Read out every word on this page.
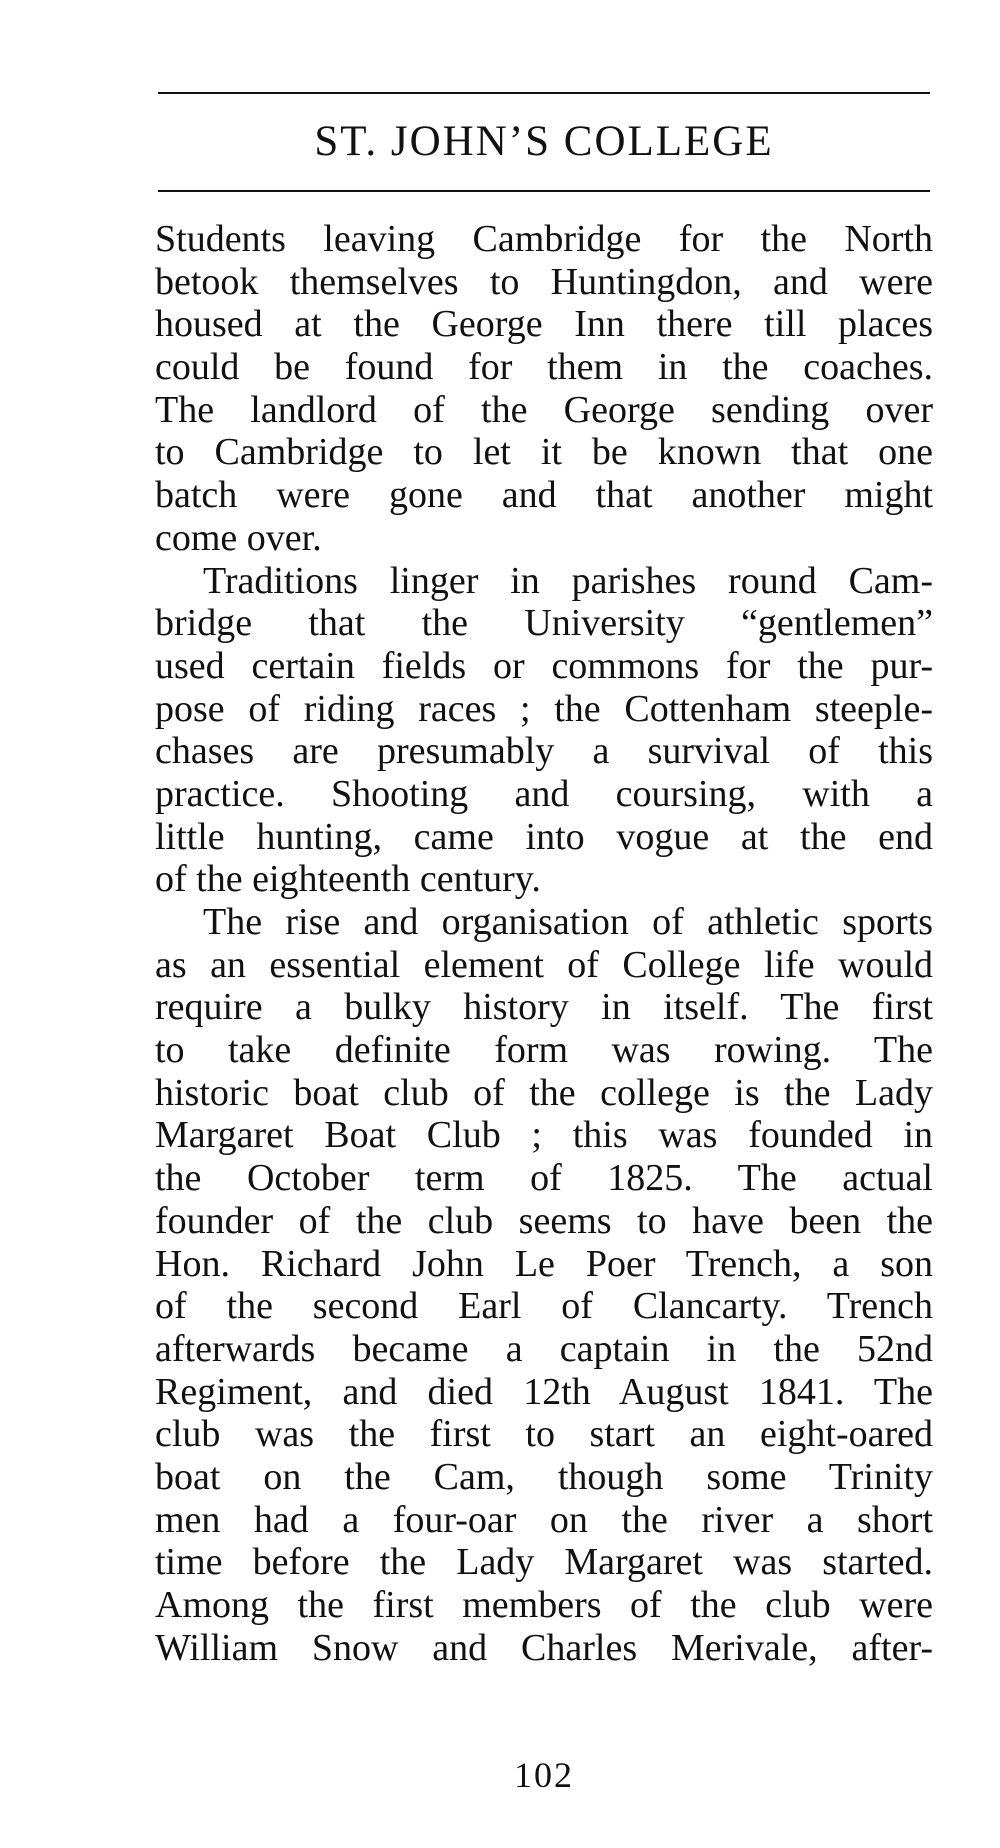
ST. JOHN’S COLLEGE
Students leaving Cambridge for the North
betook themselves to Huntingdon, and were
housed at the George Inn there till places
could be found for them in the coaches.
The landlord of the George sending over
to Cambridge to let it be known that one
batch were gone and that another might
come over.
Traditions linger in parishes round Cam-
bridge that the University “gentlemen”
used certain fields or commons for the pur-
pose of riding races ; the Cottenham steeple-
chases are presumably a survival of this
practice. Shooting and coursing, with a
little hunting, came into vogue at the end
of the eighteenth century.
The rise and organisation of athletic sports
as an essential element of College life would
require a bulky history in itself. The first
to take definite form was rowing. The
historic boat club of the college is the Lady
Margaret Boat Club ; this was founded in
the October term of 1825. The actual
founder of the club seems to have been the
Hon. Richard John Le Poer Trench, a son
of the second Earl of Clancarty. Trench
afterwards became a captain in the 52nd
Regiment, and died 12th August 1841. The
club was the first to start an eight-oared
boat on the Cam, though some Trinity
men had a four-oar on the river a short
time before the Lady Margaret was started.
Among the first members of the club were
William Snow and Charles Merivale, after-
102
